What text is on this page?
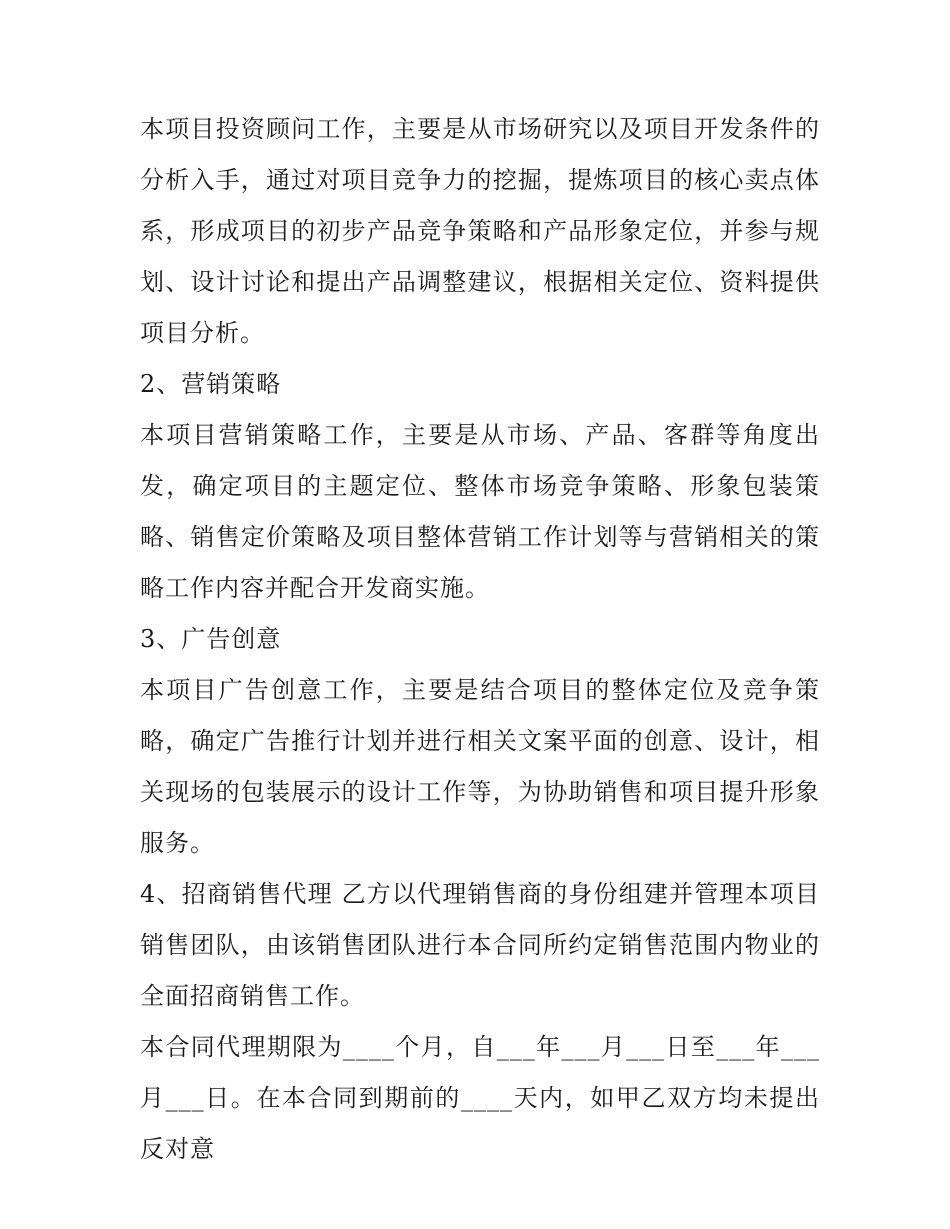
本项目投资顾问工作，主要是从市场研究以及项目开发条件的分析入手，通过对项目竞争力的挖掘，提炼项目的核心卖点体系，形成项目的初步产品竞争策略和产品形象定位，并参与规划、设计讨论和提出产品调整建议，根据相关定位、资料提供项目分析。

2、营销策略

本项目营销策略工作，主要是从市场、产品、客群等角度出发，确定项目的主题定位、整体市场竞争策略、形象包装策略、销售定价策略及项目整体营销工作计划等与营销相关的策略工作内容并配合开发商实施。

3、广告创意

本项目广告创意工作，主要是结合项目的整体定位及竞争策略，确定广告推行计划并进行相关文案平面的创意、设计，相关现场的包装展示的设计工作等，为协助销售和项目提升形象服务。

4、招商销售代理 乙方以代理销售商的身份组建并管理本项目销售团队，由该销售团队进行本合同所约定销售范围内物业的全面招商销售工作。

本合同代理期限为____个月，自___年___月___日至___年___月___日。在本合同到期前的____天内，如甲乙双方均未提出反对意
